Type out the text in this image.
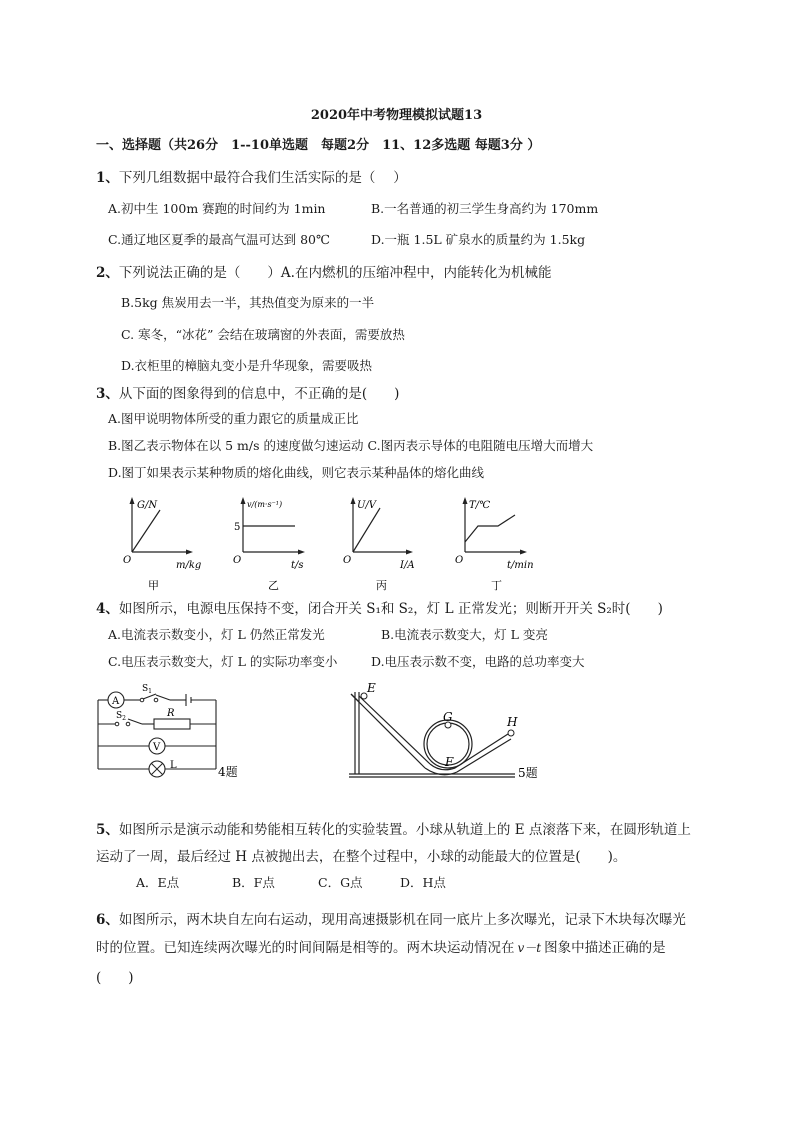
2020年中考物理模拟试题13
一、选择题（共26分　1--10单选题　每题2分　11、12多选题 每题3分 ）
1、下列几组数据中最符合我们生活实际的是（　 ）
A.初中生 100m 赛跑的时间约为 1min	B.一名普通的初三学生身高约为 170mm
C.通辽地区夏季的最高气温可达到 80℃	D.一瓶 1.5L 矿泉水的质量约为 1.5kg
2、下列说法正确的是（　　）A.在内燃机的压缩冲程中，内能转化为机械能
B.5kg 焦炭用去一半，其热值变为原来的一半
C. 寒冬，“冰花” 会结在玻璃窗的外表面，需要放热
D.衣柜里的樟脑丸变小是升华现象，需要吸热
3、从下面的图象得到的信息中，不正确的是(　　)
A.图甲说明物体所受的重力跟它的质量成正比
B.图乙表示物体在以 5 m/s 的速度做匀速运动 C.图丙表示导体的电阻随电压增大而增大
D.图丁如果表示某种物质的熔化曲线，则它表示某种晶体的熔化曲线
G/N
O	m/kg
甲
v/(m·s⁻¹)
5
O	t/s
乙
U/V
O	I/A
丙
T/℃
O	t/min
丁
4、如图所示，电源电压保持不变，闭合开关 S₁和 S₂，灯 L 正常发光；则断开开关 S₂时(　　)
A.电流表示数变小，灯 L 仍然正常发光	B.电流表示数变大，灯 L 变亮
C.电压表示数变大，灯 L 的实际功率变小	D.电压表示数不变，电路的总功率变大
A
$S_1$
$S_2$	R
V
L	4题
E
G
F
H
5题
5、如图所示是演示动能和势能相互转化的实验装置。小球从轨道上的 E 点滚落下来，在圆形轨道上
运动了一周，最后经过 H 点被抛出去，在整个过程中，小球的动能最大的位置是(　　)。
A．E点	B．F点	C．G点	D．H点
6、如图所示，两木块自左向右运动，现用高速摄影机在同一底片上多次曝光，记录下木块每次曝光
时的位置。已知连续两次曝光的时间间隔是相等的。两木块运动情况在 v－t 图象中描述正确的是
(　　)
